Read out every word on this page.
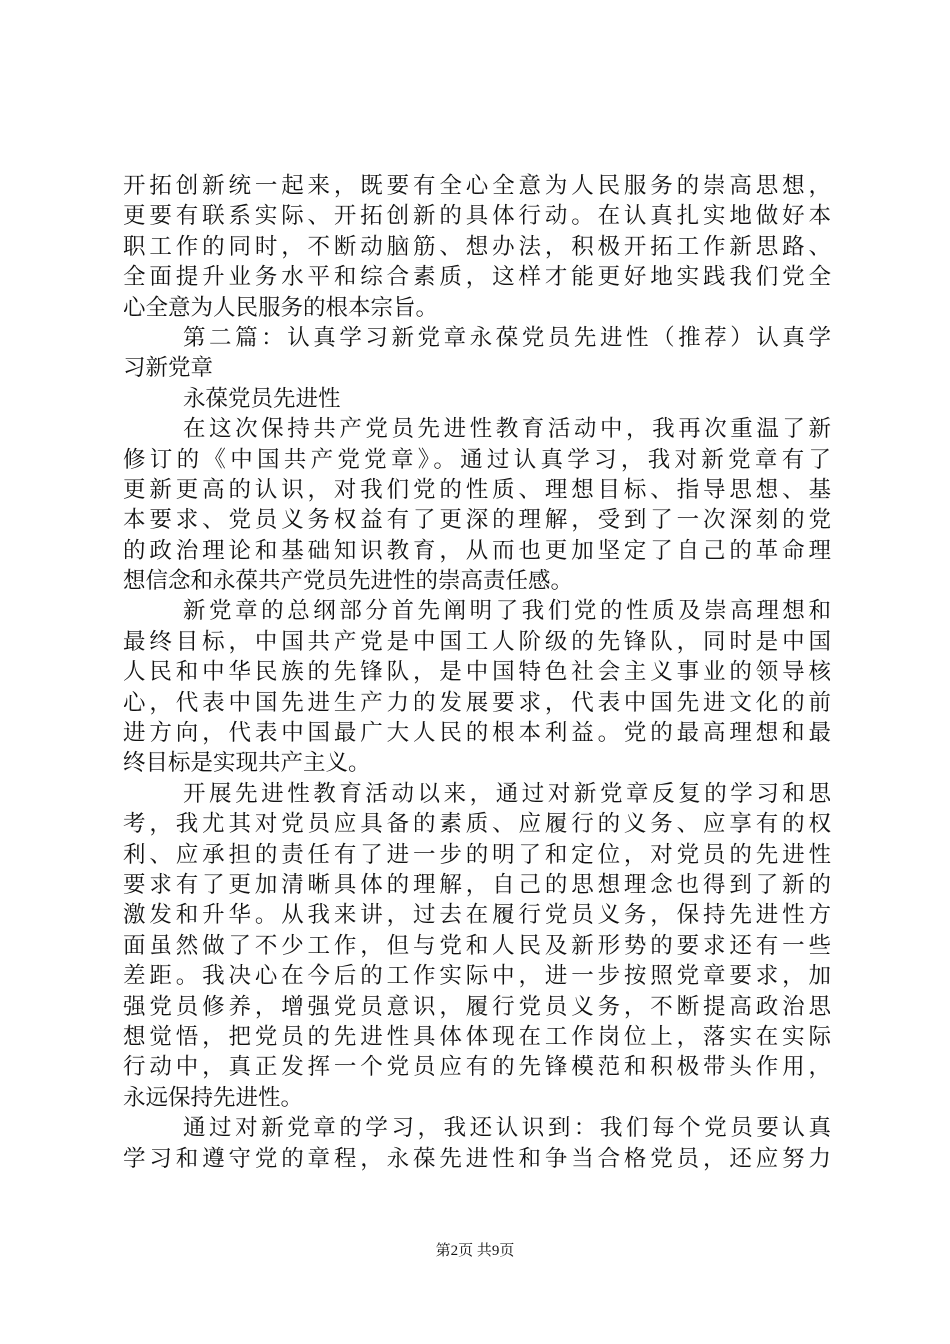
开拓创新统一起来，既要有全心全意为人民服务的崇高思想，
更要有联系实际、开拓创新的具体行动。在认真扎实地做好本
职工作的同时，不断动脑筋、想办法，积极开拓工作新思路、
全面提升业务水平和综合素质，这样才能更好地实践我们党全
心全意为人民服务的根本宗旨。
第二篇：认真学习新党章永葆党员先进性（推荐）认真学
习新党章
永葆党员先进性
在这次保持共产党员先进性教育活动中，我再次重温了新
修订的《中国共产党党章》。通过认真学习，我对新党章有了
更新更高的认识，对我们党的性质、理想目标、指导思想、基
本要求、党员义务权益有了更深的理解，受到了一次深刻的党
的政治理论和基础知识教育，从而也更加坚定了自己的革命理
想信念和永葆共产党员先进性的崇高责任感。
新党章的总纲部分首先阐明了我们党的性质及崇高理想和
最终目标，中国共产党是中国工人阶级的先锋队，同时是中国
人民和中华民族的先锋队，是中国特色社会主义事业的领导核
心，代表中国先进生产力的发展要求，代表中国先进文化的前
进方向，代表中国最广大人民的根本利益。党的最高理想和最
终目标是实现共产主义。
开展先进性教育活动以来，通过对新党章反复的学习和思
考，我尤其对党员应具备的素质、应履行的义务、应享有的权
利、应承担的责任有了进一步的明了和定位，对党员的先进性
要求有了更加清晰具体的理解，自己的思想理念也得到了新的
激发和升华。从我来讲，过去在履行党员义务，保持先进性方
面虽然做了不少工作，但与党和人民及新形势的要求还有一些
差距。我决心在今后的工作实际中，进一步按照党章要求，加
强党员修养，增强党员意识，履行党员义务，不断提高政治思
想觉悟，把党员的先进性具体体现在工作岗位上，落实在实际
行动中，真正发挥一个党员应有的先锋模范和积极带头作用，
永远保持先进性。
通过对新党章的学习，我还认识到：我们每个党员要认真
学习和遵守党的章程，永葆先进性和争当合格党员，还应努力
第2页 共9页
